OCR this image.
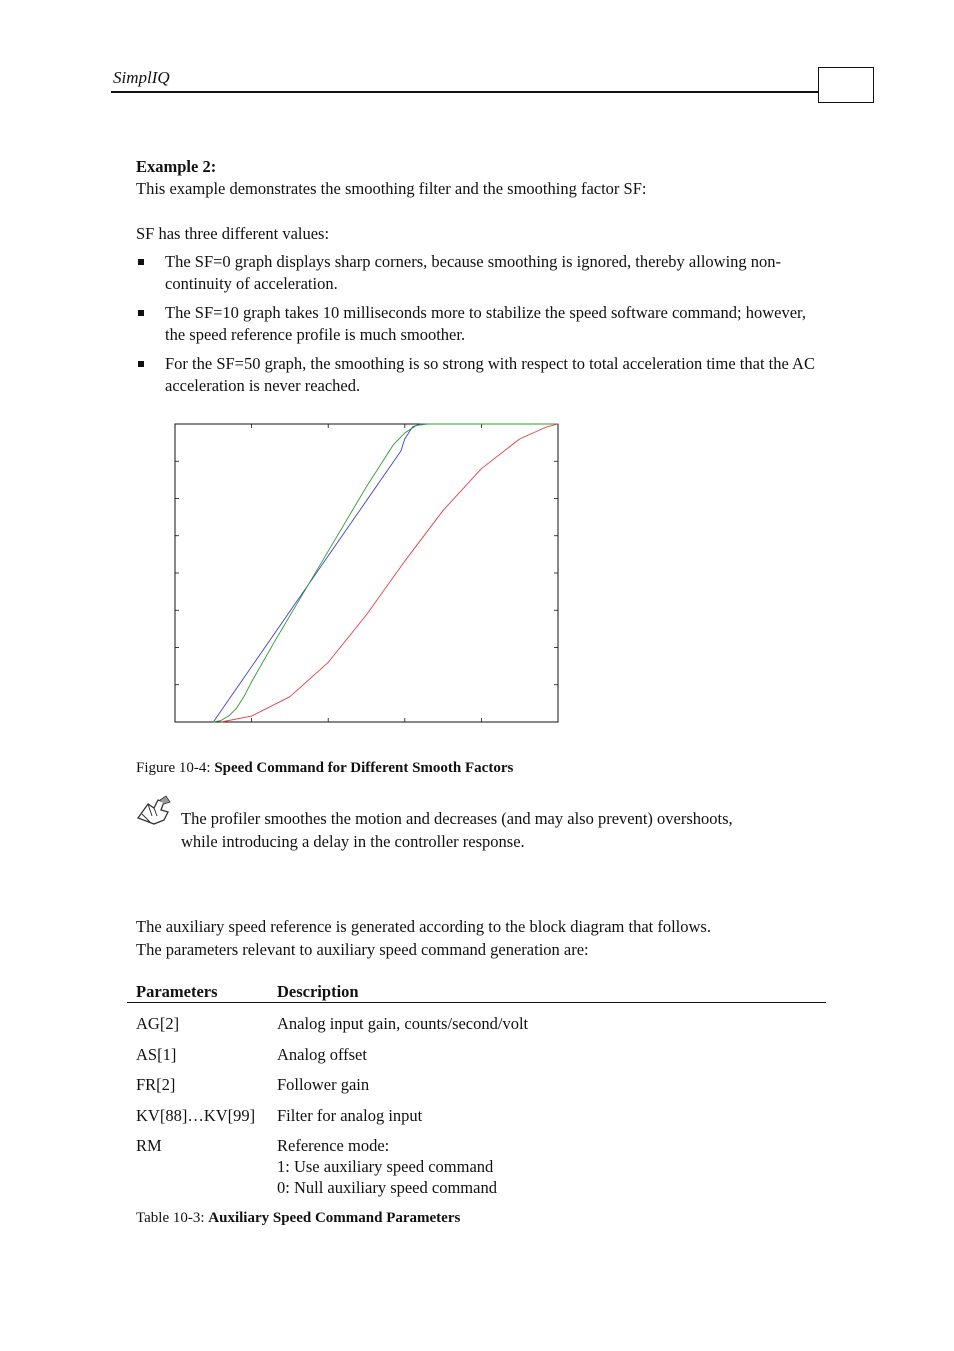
SimplIQ
Example 2:
This example demonstrates the smoothing filter and the smoothing factor SF:
SF has three different values:
The SF=0 graph displays sharp corners, because smoothing is ignored, thereby allowing non-continuity of acceleration.
The SF=10 graph takes 10 milliseconds more to stabilize the speed software command; however, the speed reference profile is much smoother.
For the SF=50 graph, the smoothing is so strong with respect to total acceleration time that the AC acceleration is never reached.
Figure 10-4: Speed Command for Different Smooth Factors
The profiler smoothes the motion and decreases (and may also prevent) overshoots,
while introducing a delay in the controller response.
The auxiliary speed reference is generated according to the block diagram that follows.
The parameters relevant to auxiliary speed command generation are:
Parameters	Description
AG[2]	Analog input gain, counts/second/volt
AS[1]	Analog offset
FR[2]	Follower gain
KV[88]…KV[99] Filter for analog input
RM	Reference mode:
1: Use auxiliary speed command
0: Null auxiliary speed command
Table 10-3: Auxiliary Speed Command Parameters
